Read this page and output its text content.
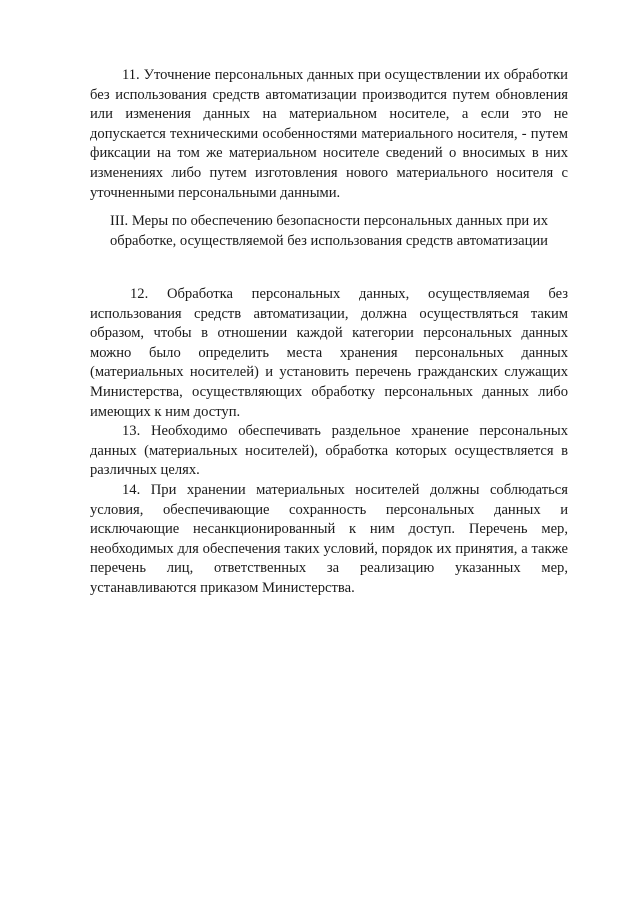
11. Уточнение персональных данных при осуществлении их обработки без использования средств автоматизации производится путем обновления или изменения данных на материальном носителе, а если это не допускается техническими особенностями материального носителя, - путем фиксации на том же материальном носителе сведений о вносимых в них изменениях либо путем изготовления нового материального носителя с уточненными персональными данными.

III. Меры по обеспечению безопасности персональных данных при их обработке, осуществляемой без использования средств автоматизации

12. Обработка персональных данных, осуществляемая без использования средств автоматизации, должна осуществляться таким образом, чтобы в отношении каждой категории персональных данных можно было определить места хранения персональных данных (материальных носителей) и установить перечень гражданских служащих Министерства, осуществляющих обработку персональных данных либо имеющих к ним доступ.

13. Необходимо обеспечивать раздельное хранение персональных данных (материальных носителей), обработка которых осуществляется в различных целях.

14. При хранении материальных носителей должны соблюдаться условия, обеспечивающие сохранность персональных данных и исключающие несанкционированный к ним доступ. Перечень мер, необходимых для обеспечения таких условий, порядок их принятия, а также перечень лиц, ответственных за реализацию указанных мер, устанавливаются приказом Министерства.
